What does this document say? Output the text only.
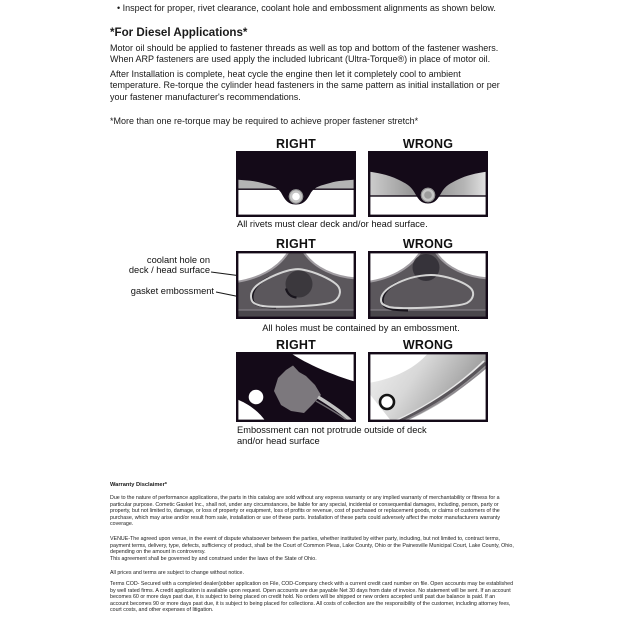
• Inspect for proper, rivet clearance, coolant hole and embossment alignments as shown below.
*For Diesel Applications*
Motor oil should be applied to fastener threads as well as top and bottom of the fastener washers. When ARP fasteners are used apply the included lubricant (Ultra-Torque®) in place of motor oil.
After Installation is complete, heat cycle the engine then let it completely cool to ambient temperature. Re-torque the cylinder head fasteners in the same pattern as initial installation or per your fastener manufacturer's recommendations.
*More than one re-torque may be required to achieve proper fastener stretch*
RIGHT	WRONG
All rivets must clear deck and/or head surface.
RIGHT	WRONG
coolant hole on
deck / head surface
gasket embossment
All holes must be contained by an embossment.
RIGHT	WRONG
Embossment can not protrude outside of deck
and/or head surface
Warranty Disclaimer*
Due to the nature of performance applications, the parts in this catalog are sold without any express warranty or any implied warranty of merchantability or fitness for a particular purpose. Cometic Gasket Inc., shall not, under any circumstances, be liable for any special, incidental or consequential damages, including, person, party or property, but not limited to, damage, or loss of property or equipment, loss of profits or revenue, cost of purchased or replacement goods, or claims of customers of the purchase, which may arise and/or result from sale, installation or use of these parts. Installation of these parts could adversely affect the motor manufacturers warranty coverage.
VENUE-The agreed upon venue, in the event of dispute whatsoever between the parties, whether instituted by either party, including, but not limited to, contract terms, payment terms, delivery, type, defects, sufficiency of product, shall be the Court of Common Pleas, Lake County, Ohio or the Painesville Municipal Court, Lake County, Ohio, depending on the amount in controversy.
This agreement shall be governed by and construed under the laws of the State of Ohio.
All prices and terms are subject to change without notice.
Terms COD- Secured with a completed dealer/jobber application on File, COD-Company check with a current credit card number on file. Open accounts may be established by well rated firms. A credit application is available upon request. Open accounts are due payable Net 30 days from date of invoice. No statement will be sent. If an account becomes 60 or more days past due, it is subject to being placed on credit hold. No orders will be shipped or new orders accepted until past due balance is paid. If an account becomes 90 or more days past due, it is subject to being placed for collections. All costs of collection are the responsibility of the customer, including attorney fees, court costs, and other expenses of litigation.
